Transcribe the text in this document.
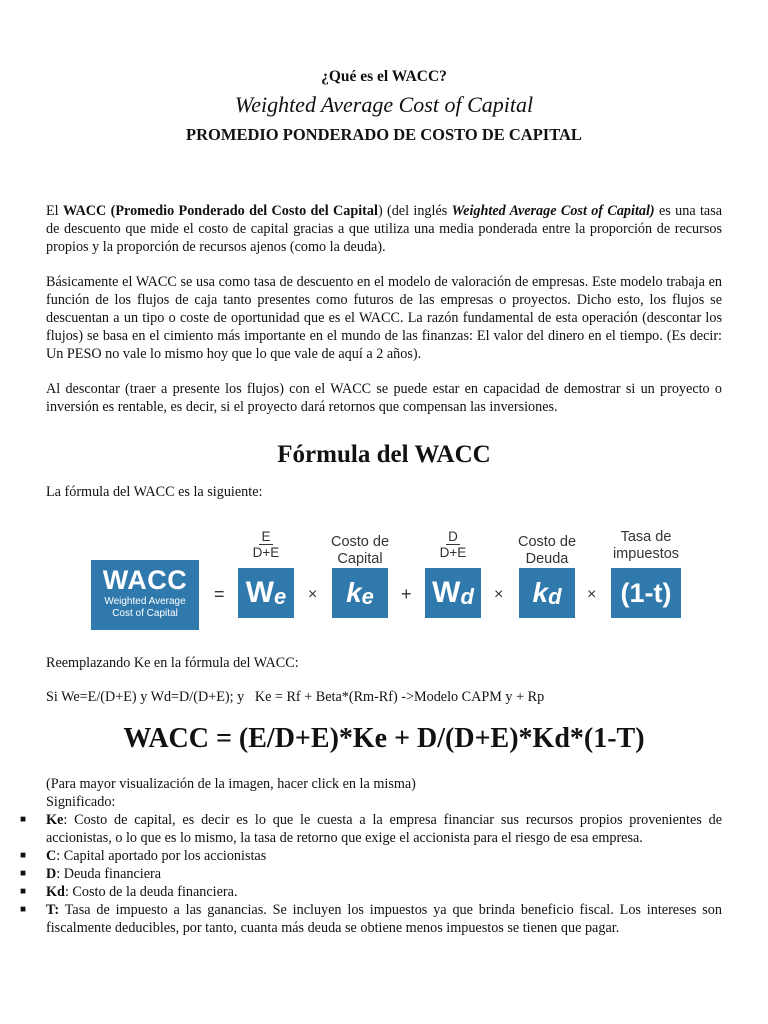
¿Qué es el WACC?
Weighted Average Cost of Capital
PROMEDIO PONDERADO DE COSTO DE CAPITAL
El WACC (Promedio Ponderado del Costo del Capital) (del inglés Weighted Average Cost of Capital) es una tasa de descuento que mide el costo de capital gracias a que utiliza una media ponderada entre la proporción de recursos propios y la proporción de recursos ajenos (como la deuda).
Básicamente el WACC se usa como tasa de descuento en el modelo de valoración de empresas. Este modelo trabaja en función de los flujos de caja tanto presentes como futuros de las empresas o proyectos. Dicho esto, los flujos se descuentan a un tipo o coste de oportunidad que es el WACC. La razón fundamental de esta operación (descontar los flujos) se basa en el cimiento más importante en el mundo de las finanzas: El valor del dinero en el tiempo. (Es decir: Un PESO no vale lo mismo hoy que lo que vale de aquí a 2 años).
Al descontar (traer a presente los flujos) con el WACC se puede estar en capacidad de demostrar si un proyecto o inversión es rentable, es decir, si el proyecto dará retornos que compensan las inversiones.
Fórmula del WACC
La fórmula del WACC es la siguiente:
WACC
Weighted Average
Cost of Capital
=
$\frac{E}{D+E}$
W e ×
Costo de
Capital
k e +
$\frac{D}{D+E}$
W d ×
Costo de
Deuda
k d ×
Tasa de
impuestos
(1-t)
Reemplazando Ke en la fórmula del WACC:
Si We=E/(D+E) y Wd=D/(D+E); y   Ke = Rf + Beta*(Rm-Rf) ->Modelo CAPM y + Rp
WACC = (E/D+E)*Ke + D/(D+E)*Kd*(1-T)
(Para mayor visualización de la imagen, hacer click en la misma)
Significado:
■ Ke: Costo de capital, es decir es lo que le cuesta a la empresa financiar sus recursos propios provenientes de accionistas, o lo que es lo mismo, la tasa de retorno que exige el accionista para el riesgo de esa empresa.
■ C: Capital aportado por los accionistas
■ D: Deuda financiera
■ Kd: Costo de la deuda financiera.
■ T: Tasa de impuesto a las ganancias. Se incluyen los impuestos ya que brinda beneficio fiscal. Los intereses son fiscalmente deducibles, por tanto, cuanta más deuda se obtiene menos impuestos se tienen que pagar.
